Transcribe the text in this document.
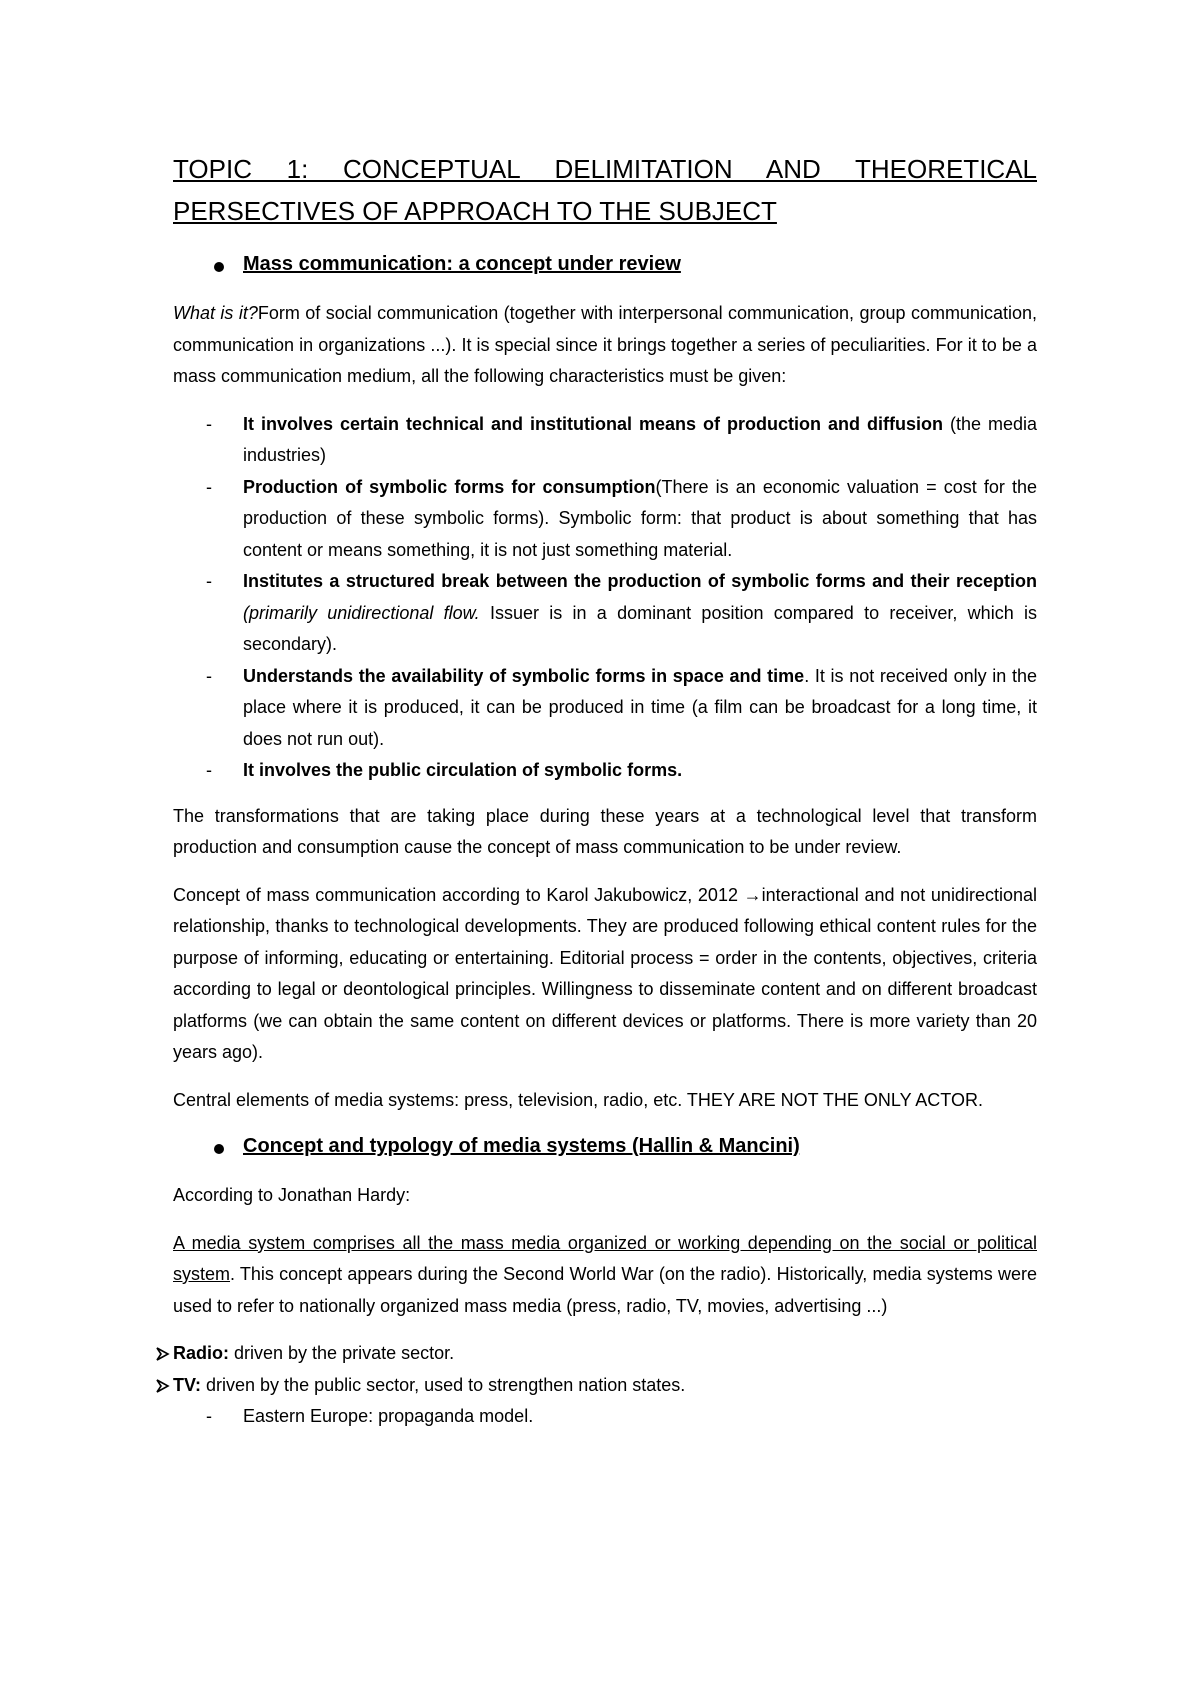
TOPIC 1: CONCEPTUAL DELIMITATION AND THEORETICAL PERSECTIVES OF APPROACH TO THE SUBJECT
Mass communication: a concept under review

What is it?Form of social communication (together with interpersonal communication, group communication, communication in organizations ...). It is special since it brings together a series of peculiarities. For it to be a mass communication medium, all the following characteristics must be given:

- It involves certain technical and institutional means of production and diffusion (the media industries)
- Production of symbolic forms for consumption(There is an economic valuation = cost for the production of these symbolic forms). Symbolic form: that product is about something that has content or means something, it is not just something material.
- Institutes a structured break between the production of symbolic forms and their reception (primarily unidirectional flow. Issuer is in a dominant position compared to receiver, which is secondary).
- Understands the availability of symbolic forms in space and time. It is not received only in the place where it is produced, it can be produced in time (a film can be broadcast for a long time, it does not run out).
- It involves the public circulation of symbolic forms.

The transformations that are taking place during these years at a technological level that transform production and consumption cause the concept of mass communication to be under review.

Concept of mass communication according to Karol Jakubowicz, 2012 →interactional and not unidirectional relationship, thanks to technological developments. They are produced following ethical content rules for the purpose of informing, educating or entertaining. Editorial process = order in the contents, objectives, criteria according to legal or deontological principles. Willingness to disseminate content and on different broadcast platforms (we can obtain the same content on different devices or platforms. There is more variety than 20 years ago).

Central elements of media systems: press, television, radio, etc. THEY ARE NOT THE ONLY ACTOR.

Concept and typology of media systems (Hallin & Mancini)

According to Jonathan Hardy:

A media system comprises all the mass media organized or working depending on the social or political system. This concept appears during the Second World War (on the radio). Historically, media systems were used to refer to nationally organized mass media (press, radio, TV, movies, advertising ...)

Radio: driven by the private sector.
TV: driven by the public sector, used to strengthen nation states.
- Eastern Europe: propaganda model.
